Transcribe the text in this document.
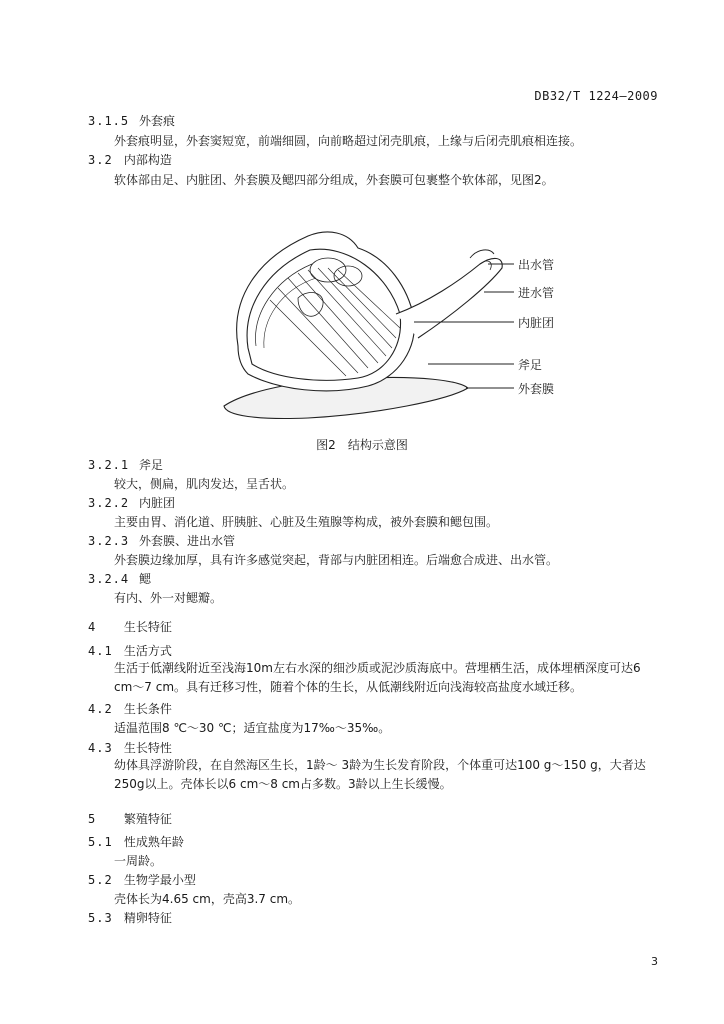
DB32/T 1224—2009
3.1.5 外套痕
外套痕明显，外套窦短宽，前端细圆，向前略超过闭壳肌痕，上缘与后闭壳肌痕相连接。
3.2 内部构造
软体部由足、内脏团、外套膜及鳃四部分组成，外套膜可包裹整个软体部，见图2。
出水管
进水管
内脏团
斧足
外套膜
图2 结构示意图
3.2.1 斧足
较大，侧扁，肌肉发达，呈舌状。
3.2.2 内脏团
主要由胃、消化道、肝胰脏、心脏及生殖腺等构成，被外套膜和鳃包围。
3.2.3 外套膜、进出水管
外套膜边缘加厚，具有许多感觉突起，背部与内脏团相连。后端愈合成进、出水管。
3.2.4 鳃
有内、外一对鳃瓣。
4 生长特征
4.1 生活方式
生活于低潮线附近至浅海10m左右水深的细沙质或泥沙质海底中。营埋栖生活，成体埋栖深度可达6 cm～7 cm。具有迁移习性，随着个体的生长，从低潮线附近向浅海较高盐度水域迁移。
4.2 生长条件
适温范围8 ℃～30 ℃；适宜盐度为17‰～35‰。
4.3 生长特性
幼体具浮游阶段，在自然海区生长，1龄～ 3龄为生长发育阶段，个体重可达100 g～150 g，大者达250g以上。壳体长以6 cm～8 cm占多数。3龄以上生长缓慢。
5 繁殖特征
5.1 性成熟年龄
一周龄。
5.2 生物学最小型
壳体长为4.65 cm，壳高3.7 cm。
5.3 精卵特征
3
